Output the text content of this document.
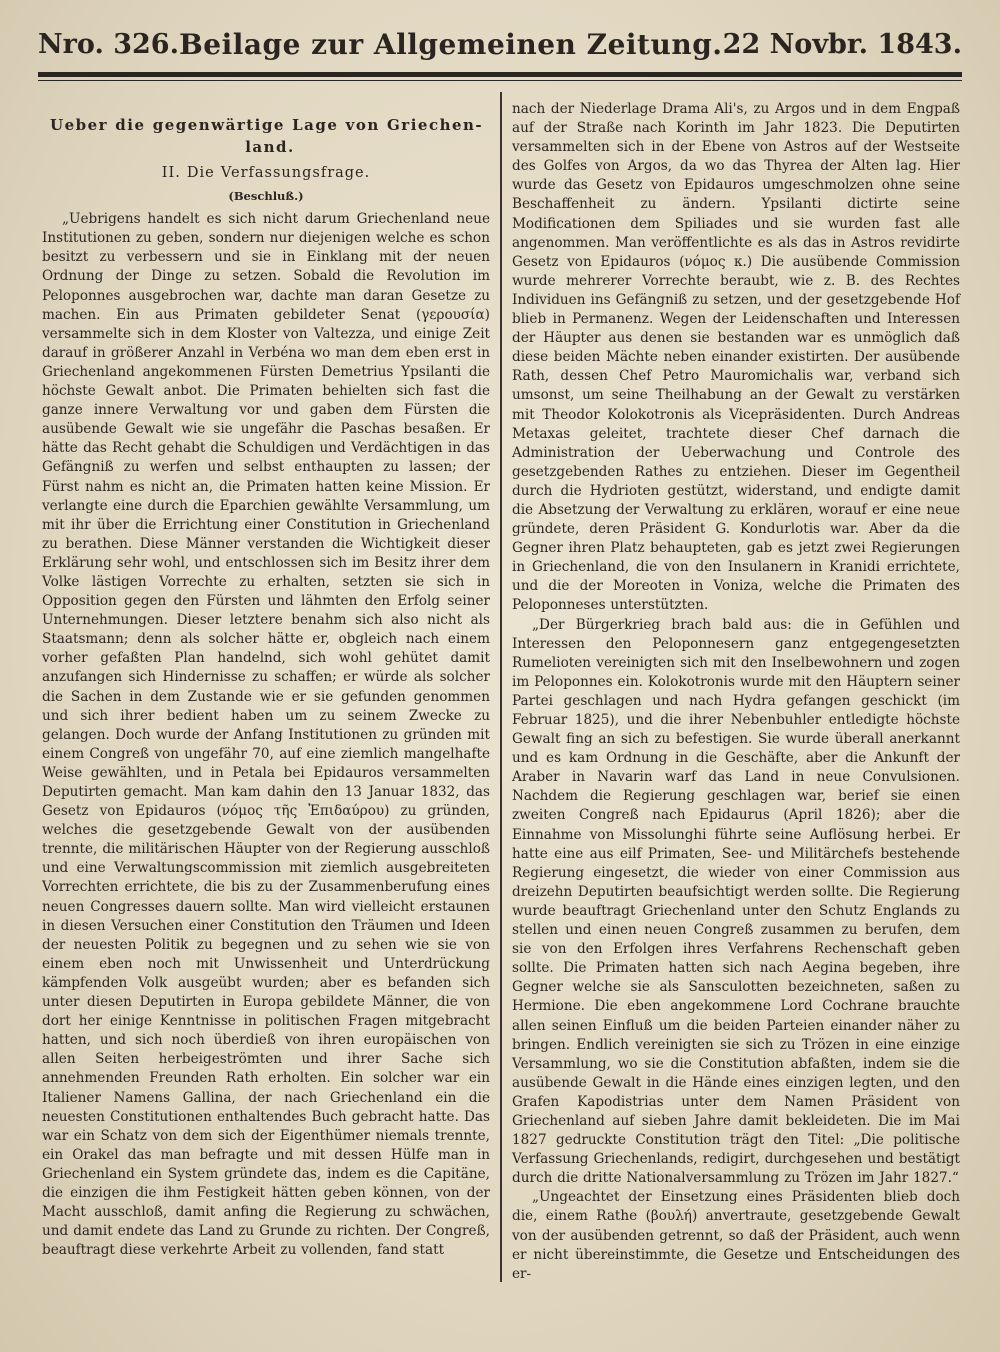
Nro. 326. Beilage zur Allgemeinen Zeitung. 22 Novbr. 1843.
Ueber die gegenwärtige Lage von Griechen-
land.
II. Die Verfassungsfrage.
(Beschluß.)

„Uebrigens handelt es sich nicht darum Griechenland neue Institutionen zu geben, sondern nur diejenigen welche es schon besitzt zu verbessern und sie in Einklang mit der neuen Ordnung der Dinge zu setzen. Sobald die Revolution im Peloponnes ausgebrochen war, dachte man daran Gesetze zu machen. Ein aus Primaten gebildeter Senat (γερουσία) versammelte sich in dem Kloster von Valtezza, und einige Zeit darauf in größerer Anzahl in Verbéna wo man dem eben erst in Griechenland angekommenen Fürsten Demetrius Ypsilanti die höchste Gewalt anbot. Die Primaten behielten sich fast die ganze innere Verwaltung vor und gaben dem Fürsten die ausübende Gewalt wie sie ungefähr die Paschas besaßen. Er hätte das Recht gehabt die Schuldigen und Verdächtigen in das Gefängniß zu werfen und selbst enthaupten zu lassen; der Fürst nahm es nicht an, die Primaten hatten keine Mission. Er verlangte eine durch die Eparchien gewählte Versammlung, um mit ihr über die Errichtung einer Constitution in Griechenland zu berathen. Diese Männer verstanden die Wichtigkeit dieser Erklärung sehr wohl, und entschlossen sich im Besitz ihrer dem Volke lästigen Vorrechte zu erhalten, setzten sie sich in Opposition gegen den Fürsten und lähmten den Erfolg seiner Unternehmungen. Dieser letztere benahm sich also nicht als Staatsmann; denn als solcher hätte er, obgleich nach einem vorher gefaßten Plan handelnd, sich wohl gehütet damit anzufangen sich Hindernisse zu schaffen; er würde als solcher die Sachen in dem Zustande wie er sie gefunden genommen und sich ihrer bedient haben um zu seinem Zwecke zu gelangen. Doch wurde der Anfang Institutionen zu gründen mit einem Congreß von ungefähr 70, auf eine ziemlich mangelhafte Weise gewählten, und in Petala bei Epidauros versammelten Deputirten gemacht. Man kam dahin den 13 Januar 1832, das Gesetz von Epidauros (νόμος τῆς Ἐπιδαύρου) zu gründen, welches die gesetzgebende Gewalt von der ausübenden trennte, die militärischen Häupter von der Regierung ausschloß und eine Verwaltungscommission mit ziemlich ausgebreiteten Vorrechten errichtete, die bis zu der Zusammenberufung eines neuen Congresses dauern sollte. Man wird vielleicht erstaunen in diesen Versuchen einer Constitution den Träumen und Ideen der neuesten Politik zu begegnen und zu sehen wie sie von einem eben noch mit Unwissenheit und Unterdrückung kämpfenden Volk ausgeübt wurden; aber es befanden sich unter diesen Deputirten in Europa gebildete Männer, die von dort her einige Kenntnisse in politischen Fragen mitgebracht hatten, und sich noch überdieß von ihren europäischen von allen Seiten herbeigeströmten und ihrer Sache sich annehmenden Freunden Rath erholten. Ein solcher war ein Italiener Namens Gallina, der nach Griechenland ein die neuesten Constitutionen enthaltendes Buch gebracht hatte. Das war ein Schatz von dem sich der Eigenthümer niemals trennte, ein Orakel das man befragte und mit dessen Hülfe man in Griechenland ein System gründete das, indem es die Capitäne, die einzigen die ihm Festigkeit hätten geben können, von der Macht ausschloß, damit anfing die Regierung zu schwächen, und damit endete das Land zu Grunde zu richten. Der Congreß, beauftragt diese verkehrte Arbeit zu vollenden, fand statt

nach der Niederlage Drama Ali's, zu Argos und in dem Engpaß auf der Straße nach Korinth im Jahr 1823. Die Deputirten versammelten sich in der Ebene von Astros auf der Westseite des Golfes von Argos, da wo das Thyrea der Alten lag. Hier wurde das Gesetz von Epidauros umgeschmolzen ohne seine Beschaffenheit zu ändern. Ypsilanti dictirte seine Modificationen dem Spiliades und sie wurden fast alle angenommen. Man veröffentlichte es als das in Astros revidirte Gesetz von Epidauros (νόμος κ.) Die ausübende Commission wurde mehrerer Vorrechte beraubt, wie z. B. des Rechtes Individuen ins Gefängniß zu setzen, und der gesetzgebende Hof blieb in Permanenz. Wegen der Leidenschaften und Interessen der Häupter aus denen sie bestanden war es unmöglich daß diese beiden Mächte neben einander existirten. Der ausübende Rath, dessen Chef Petro Mauromichalis war, verband sich umsonst, um seine Theilhabung an der Gewalt zu verstärken mit Theodor Kolokotronis als Vicepräsidenten. Durch Andreas Metaxas geleitet, trachtete dieser Chef darnach die Administration der Ueberwachung und Controle des gesetzgebenden Rathes zu entziehen. Dieser im Gegentheil durch die Hydrioten gestützt, widerstand, und endigte damit die Absetzung der Verwaltung zu erklären, worauf er eine neue gründete, deren Präsident G. Kondurlotis war. Aber da die Gegner ihren Platz behaupteten, gab es jetzt zwei Regierungen in Griechenland, die von den Insulanern in Kranidi errichtete, und die der Moreoten in Voniza, welche die Primaten des Peloponneses unterstützten.

„Der Bürgerkrieg brach bald aus: die in Gefühlen und Interessen den Peloponnesern ganz entgegengesetzten Rumelioten vereinigten sich mit den Inselbewohnern und zogen im Peloponnes ein. Kolokotronis wurde mit den Häuptern seiner Partei geschlagen und nach Hydra gefangen geschickt (im Februar 1825), und die ihrer Nebenbuhler entledigte höchste Gewalt fing an sich zu befestigen. Sie wurde überall anerkannt und es kam Ordnung in die Geschäfte, aber die Ankunft der Araber in Navarin warf das Land in neue Convulsionen. Nachdem die Regierung geschlagen war, berief sie einen zweiten Congreß nach Epidaurus (April 1826); aber die Einnahme von Missolunghi führte seine Auflösung herbei. Er hatte eine aus eilf Primaten, See- und Militärchefs bestehende Regierung eingesetzt, die wieder von einer Commission aus dreizehn Deputirten beaufsichtigt werden sollte. Die Regierung wurde beauftragt Griechenland unter den Schutz Englands zu stellen und einen neuen Congreß zusammen zu berufen, dem sie von den Erfolgen ihres Verfahrens Rechenschaft geben sollte. Die Primaten hatten sich nach Aegina begeben, ihre Gegner welche sie als Sansculotten bezeichneten, saßen zu Hermione. Die eben angekommene Lord Cochrane brauchte allen seinen Einfluß um die beiden Parteien einander näher zu bringen. Endlich vereinigten sie sich zu Trözen in eine einzige Versammlung, wo sie die Constitution abfaßten, indem sie die ausübende Gewalt in die Hände eines einzigen legten, und den Grafen Kapodistrias unter dem Namen Präsident von Griechenland auf sieben Jahre damit bekleideten. Die im Mai 1827 gedruckte Constitution trägt den Titel: „Die politische Verfassung Griechenlands, redigirt, durchgesehen und bestätigt durch die dritte Nationalversammlung zu Trözen im Jahr 1827.“

„Ungeachtet der Einsetzung eines Präsidenten blieb doch die, einem Rathe (βουλή) anvertraute, gesetzgebende Gewalt von der ausübenden getrennt, so daß der Präsident, auch wenn er nicht übereinstimmte, die Gesetze und Entscheidungen des er-
